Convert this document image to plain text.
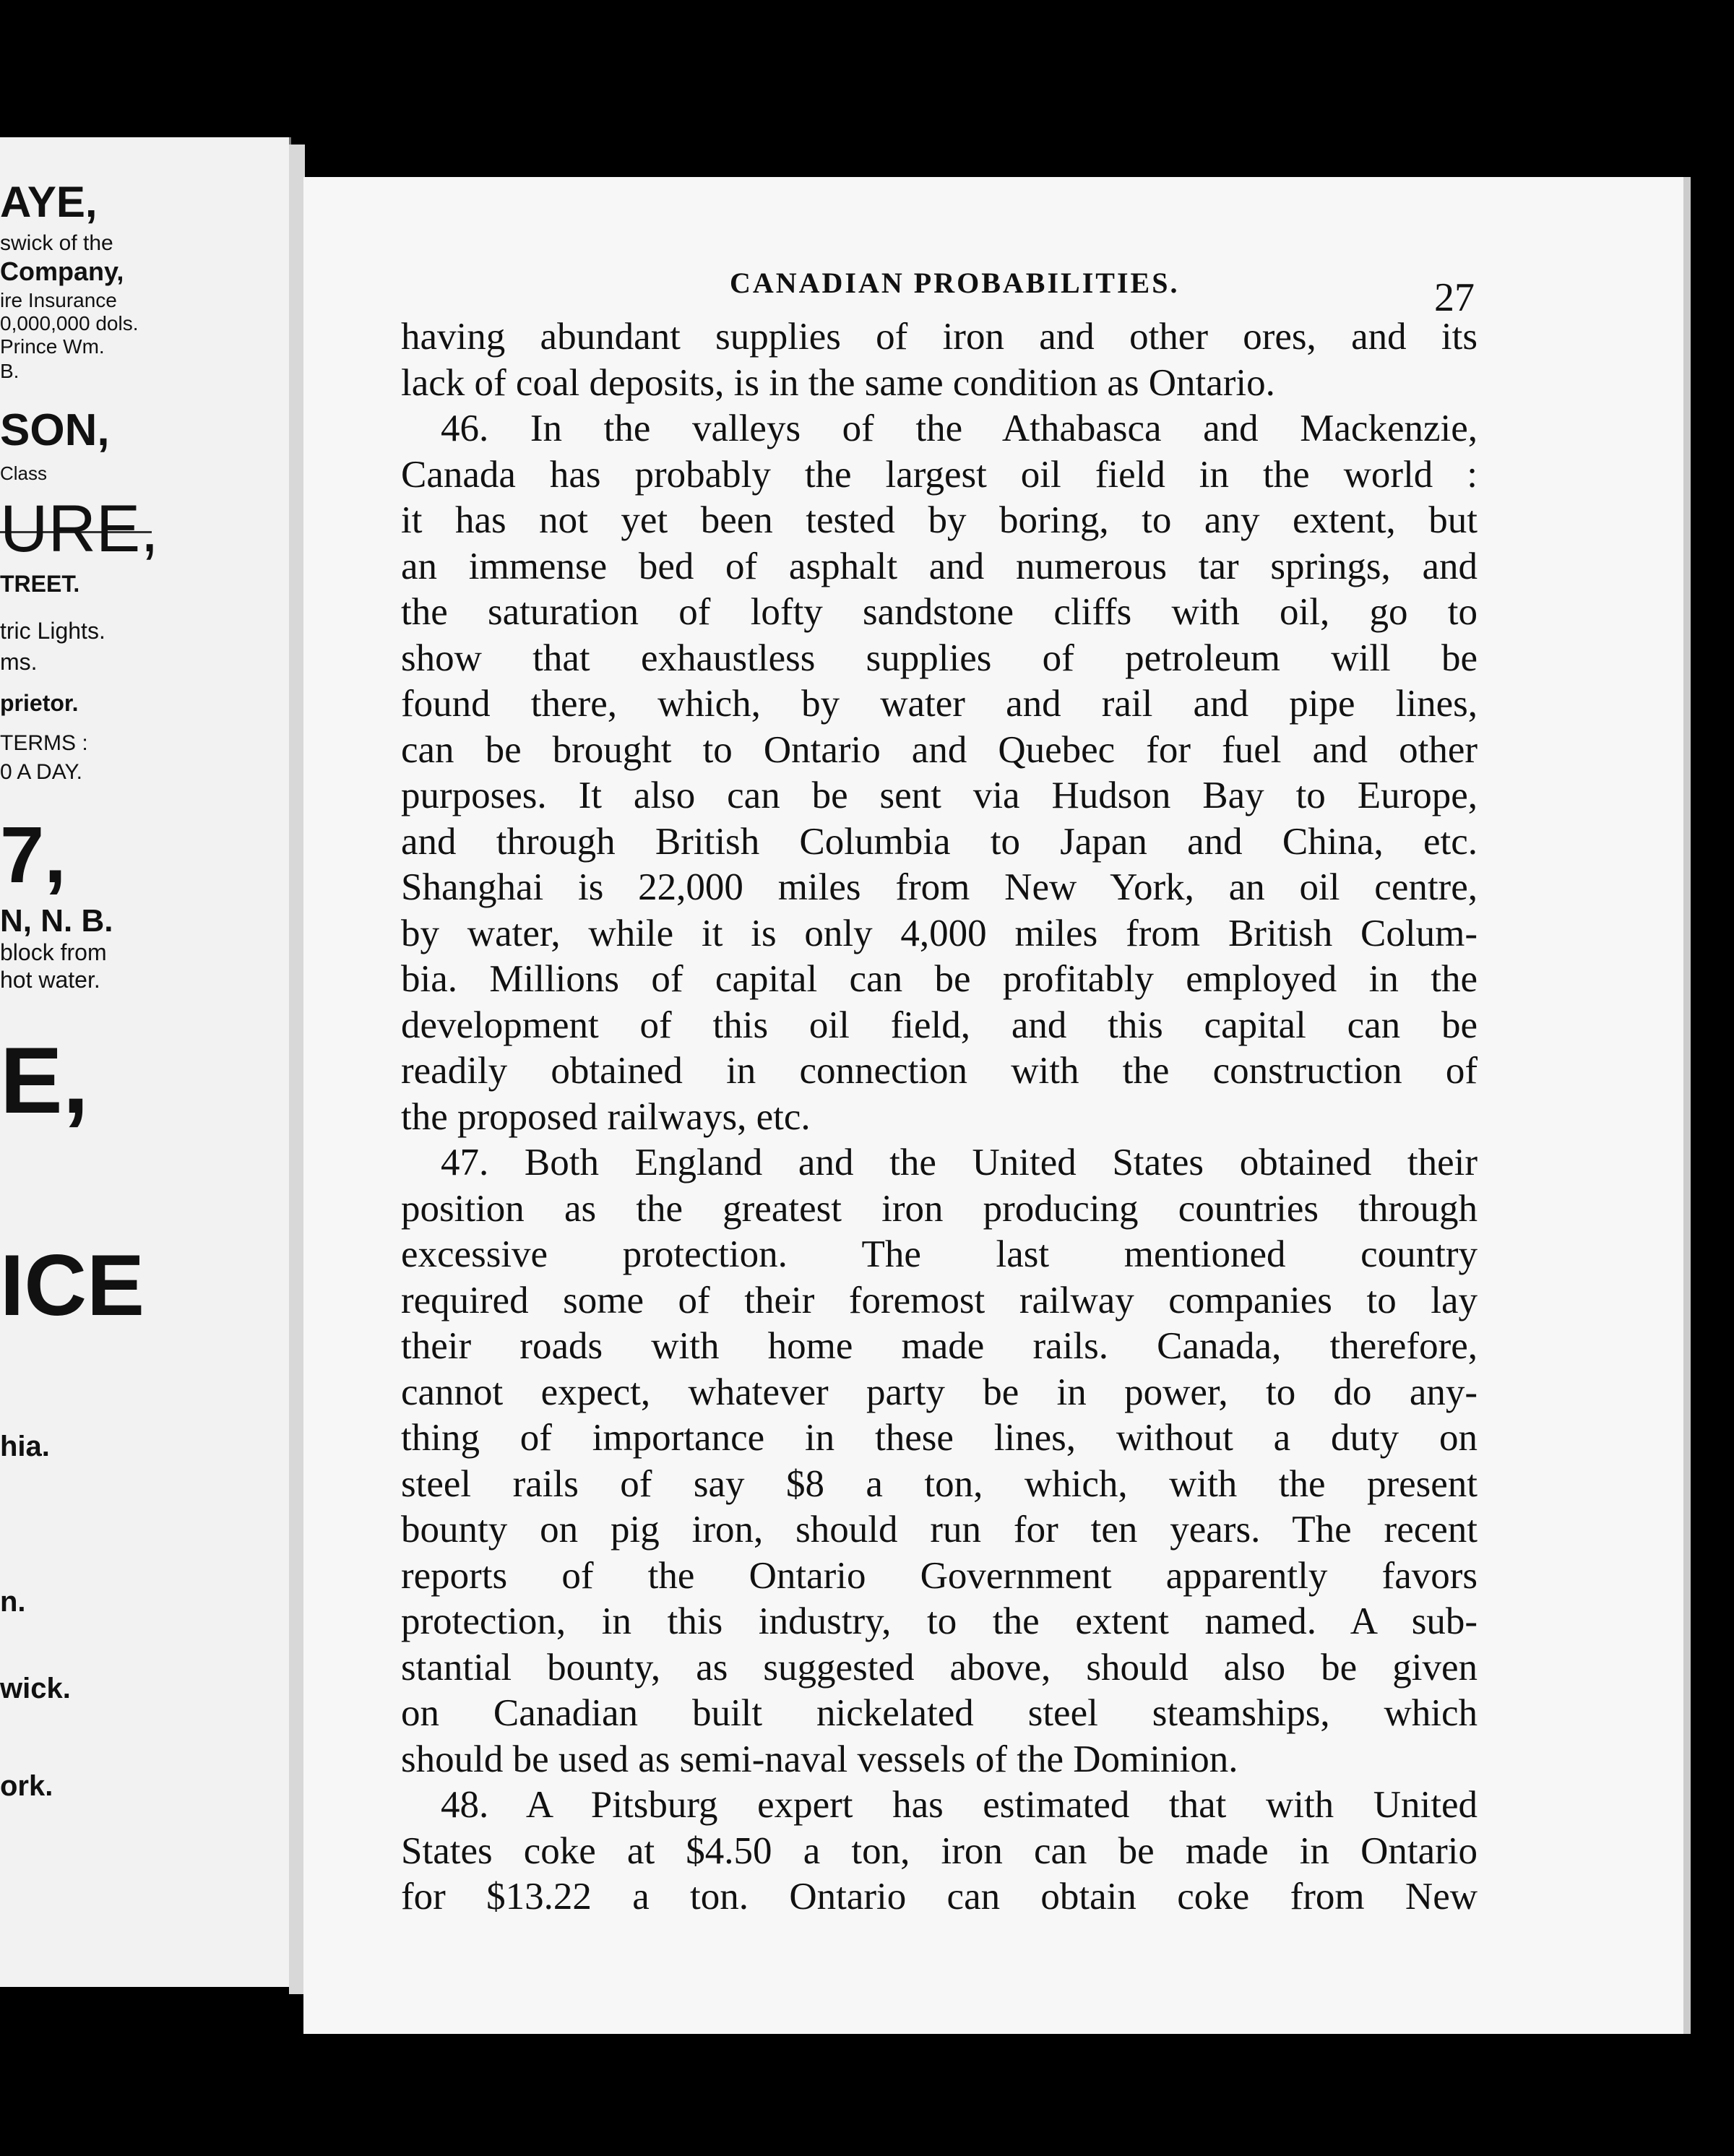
AYE,
swick of the
Company,
ire Insurance
0,000,000 dols.
Prince Wm.
B.
SON,
Class
URE,
TREET.
tric Lights.
ms.
prietor.
TERMS :
0 A DAY.
7,
N, N. B.
block from
hot water.
E,
ICE
hia.
n.
wick.
ork.
CANADIAN PROBABILITIES.	27
having abundant supplies of iron and other ores, and its
lack of coal deposits, is in the same condition as Ontario.
46. In the valleys of the Athabasca and Mackenzie,
Canada has probably the largest oil field in the world :
it has not yet been tested by boring, to any extent, but
an immense bed of asphalt and numerous tar springs, and
the saturation of lofty sandstone cliffs with oil, go to
show that exhaustless supplies of petroleum will be
found there, which, by water and rail and pipe lines,
can be brought to Ontario and Quebec for fuel and other
purposes. It also can be sent via Hudson Bay to Europe,
and through British Columbia to Japan and China, etc.
Shanghai is 22,000 miles from New York, an oil centre,
by water, while it is only 4,000 miles from British Colum-
bia. Millions of capital can be profitably employed in the
development of this oil field, and this capital can be
readily obtained in connection with the construction of
the proposed railways, etc.
47. Both England and the United States obtained their
position as the greatest iron producing countries through
excessive protection. The last mentioned country
required some of their foremost railway companies to lay
their roads with home made rails. Canada, therefore,
cannot expect, whatever party be in power, to do any-
thing of importance in these lines, without a duty on
steel rails of say $8 a ton, which, with the present
bounty on pig iron, should run for ten years. The recent
reports of the Ontario Government apparently favors
protection, in this industry, to the extent named. A sub-
stantial bounty, as suggested above, should also be given
on Canadian built nickelated steel steamships, which
should be used as semi-naval vessels of the Dominion.
48. A Pitsburg expert has estimated that with United
States coke at $4.50 a ton, iron can be made in Ontario
for $13.22 a ton. Ontario can obtain coke from New
